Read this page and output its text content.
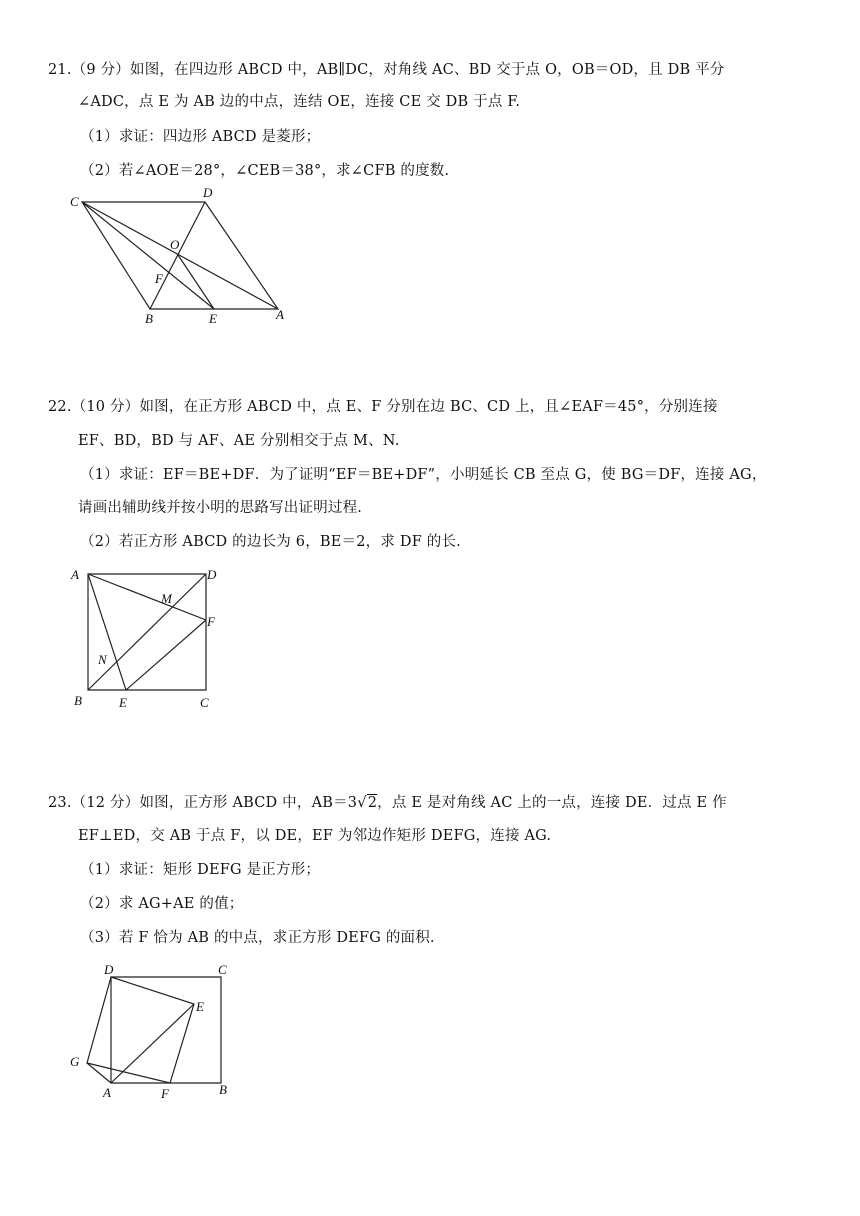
21.（9 分）如图，在四边形 ABCD 中，AB∥DC，对角线 AC、BD 交于点 O，OB＝OD，且 DB 平分
∠ADC，点 E 为 AB 边的中点，连结 OE，连接 CE 交 DB 于点 F.
（1）求证：四边形 ABCD 是菱形；
（2）若∠AOE＝28°，∠CEB＝38°，求∠CFB 的度数.
C
D
O
F
B	E	A
22.（10 分）如图，在正方形 ABCD 中，点 E、F 分别在边 BC、CD 上，且∠EAF＝45°，分别连接
EF、BD，BD 与 AF、AE 分别相交于点 M、N.
（1）求证：EF＝BE+DF．为了证明“EF＝BE+DF”，小明延长 CB 至点 G，使 BG＝DF，连接 AG，
请画出辅助线并按小明的思路写出证明过程.
（2）若正方形 ABCD 的边长为 6，BE＝2，求 DF 的长.
A	D
M
F
N
B	E	C
23.（12 分）如图，正方形 ABCD 中，AB＝3√2，点 E 是对角线 AC 上的一点，连接 DE．过点 E 作
EF⊥ED，交 AB 于点 F，以 DE，EF 为邻边作矩形 DEFG，连接 AG.
（1）求证：矩形 DEFG 是正方形；
（2）求 AG+AE 的值；
（3）若 F 恰为 AB 的中点，求正方形 DEFG 的面积.
D	C
E
G
A	F	B
